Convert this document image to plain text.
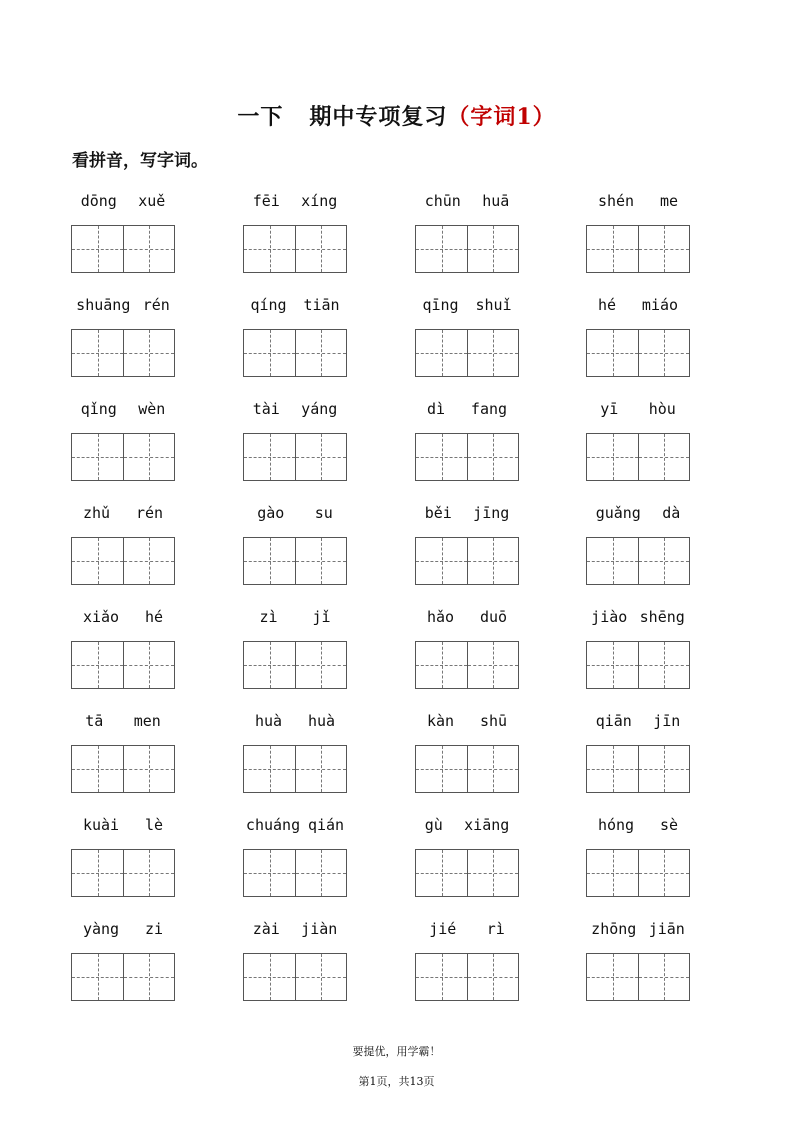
一下 期中专项复习（字词1）
看拼音，写字词。
dōng xuě	fēi xíng	chūn huā	shén me
shuāng rén	qíng tiān	qīng shuǐ	hé miáo
qǐng wèn	tài yáng	dì fang	yī hòu
zhǔ rén	gào su	běi jīng	guǎng dà
xiǎo hé	zì jǐ	hǎo duō	jiào shēng
tā men	huà huà	kàn shū	qiān jīn
kuài lè	chuáng qián	gù xiāng	hóng sè
yàng zi	zài jiàn	jié rì	zhōng jiān
要提优，用学霸！
第1页，共13页
